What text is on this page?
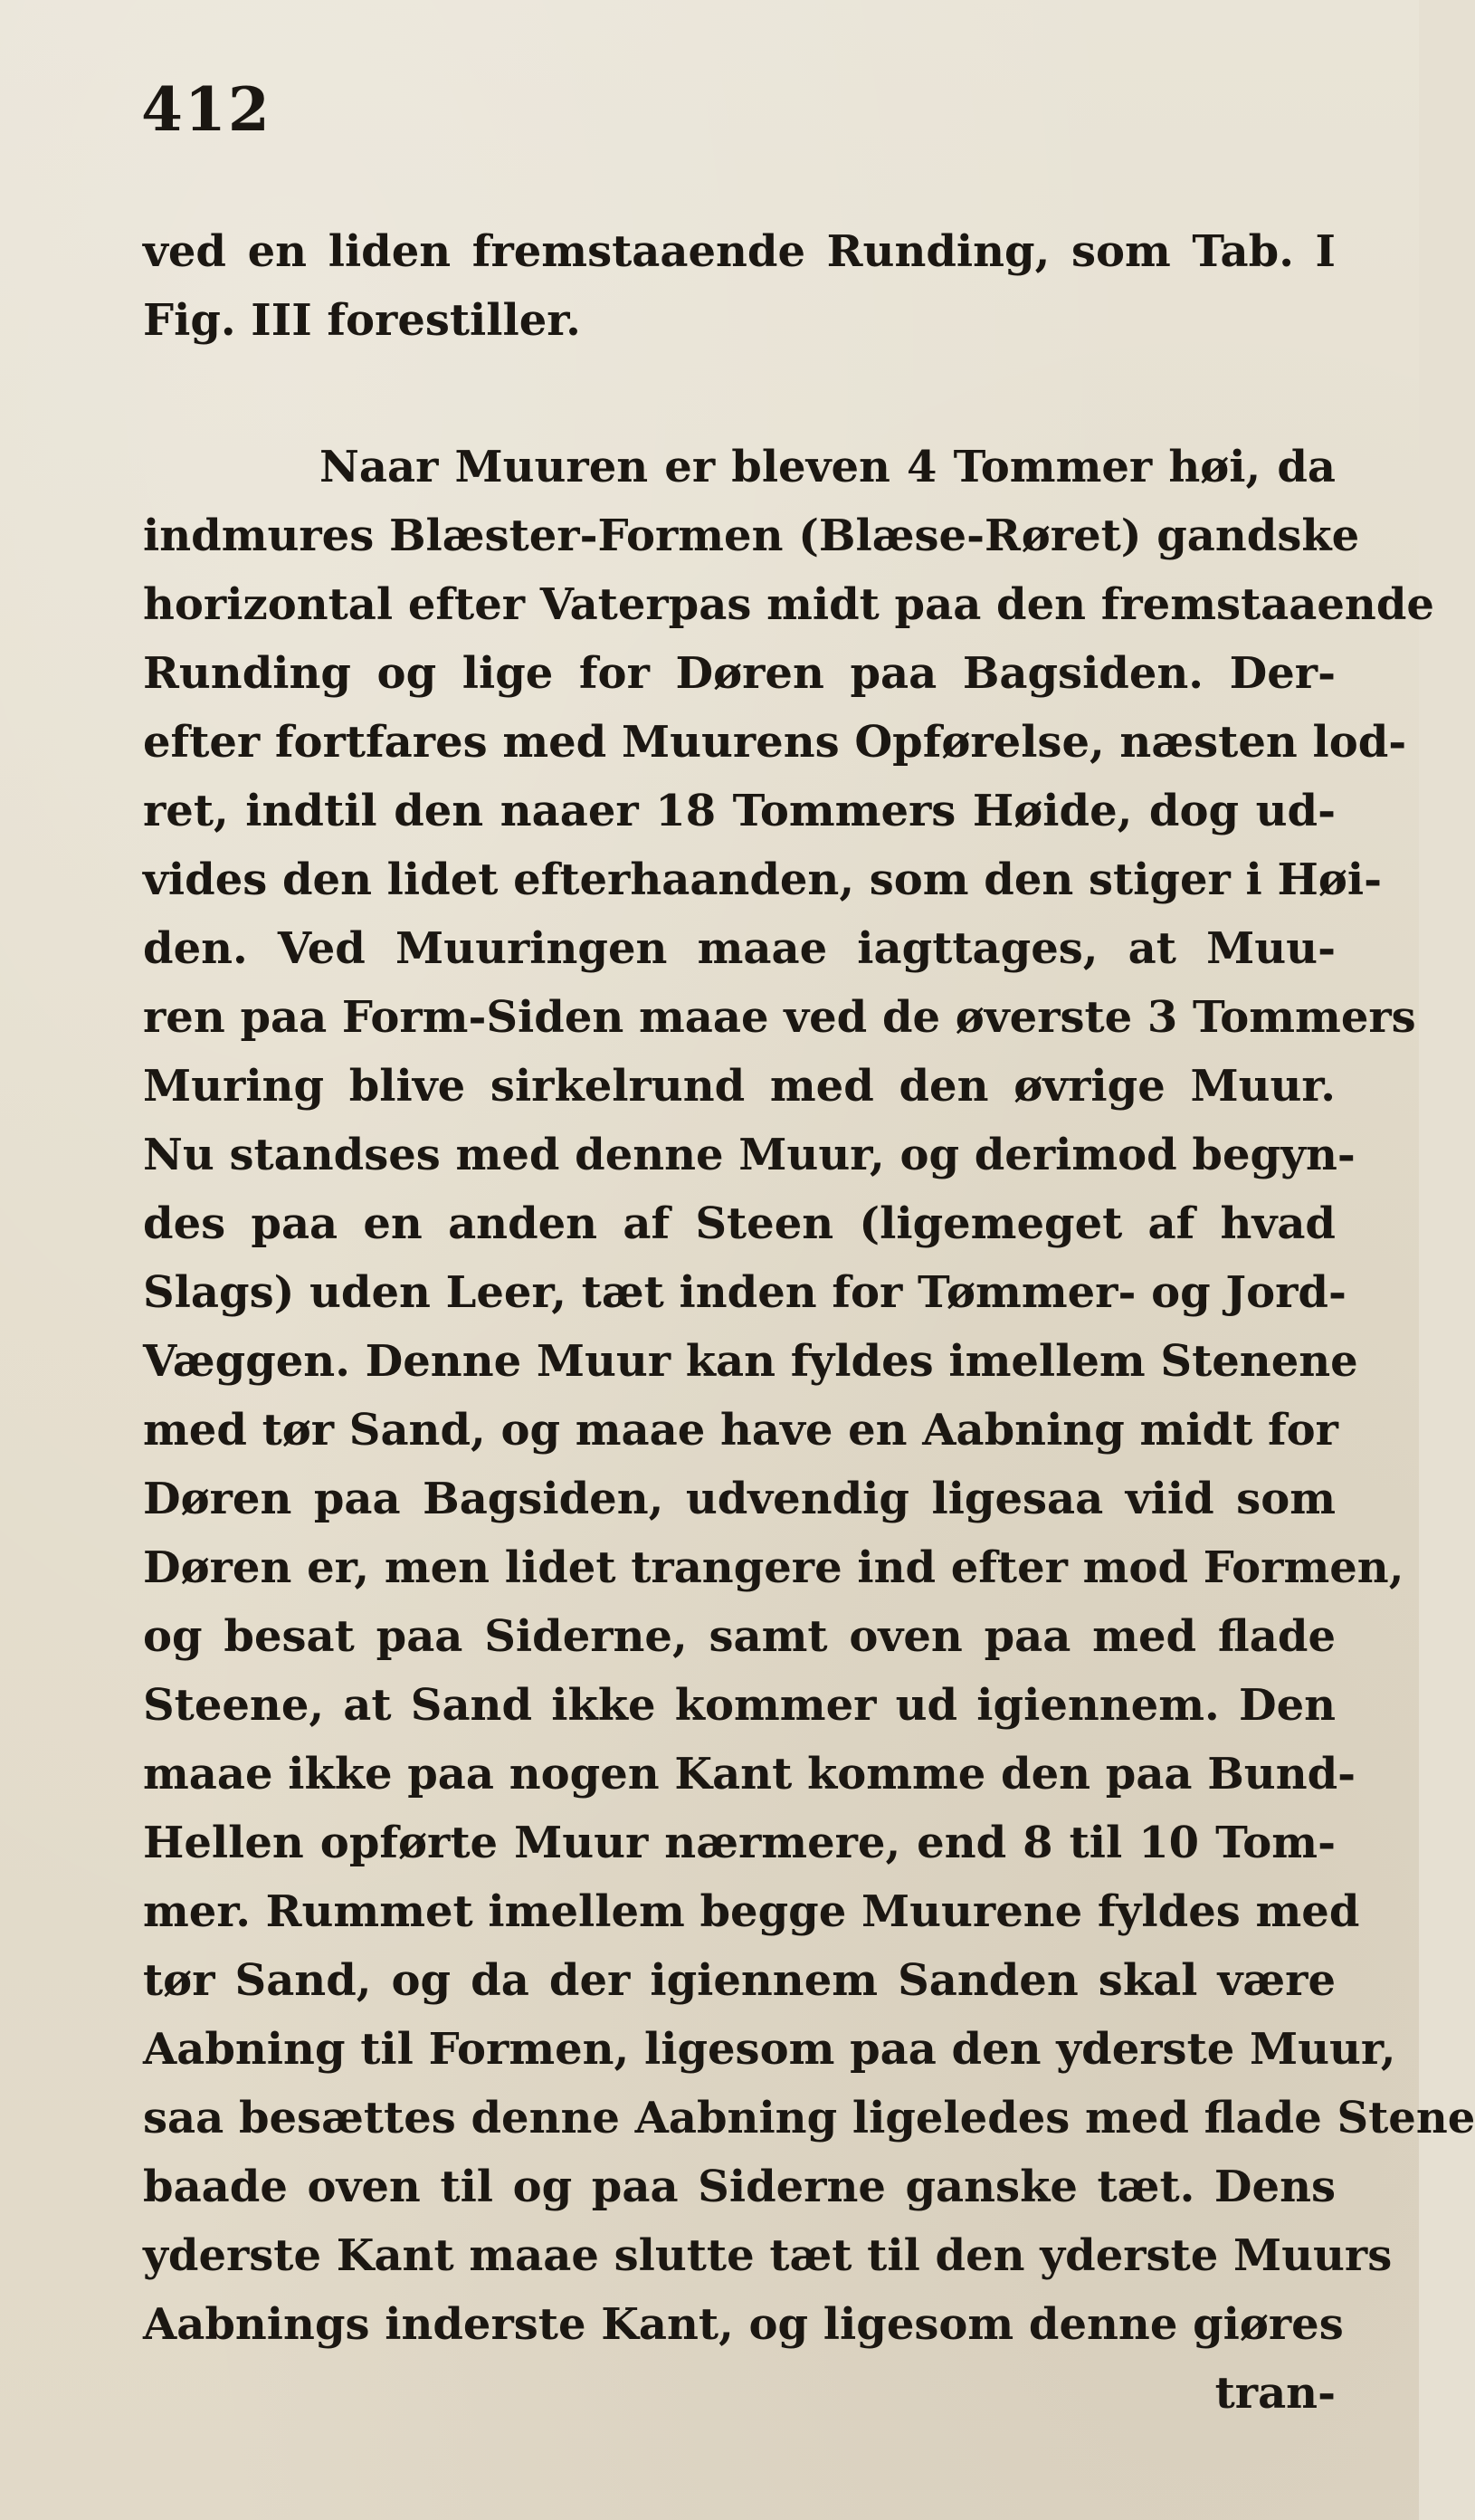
412
ved en liden fremstaaende Runding, som Tab. I
Fig. III forestiller.
Naar Muuren er bleven 4 Tommer høi, da
indmures Blæster-Formen (Blæse-Røret) gandske
horizontal efter Vaterpas midt paa den fremstaaende
Runding og lige for Døren paa Bagsiden. Der-
efter fortfares med Muurens Opførelse, næsten lod-
ret, indtil den naaer 18 Tommers Høide, dog ud-
vides den lidet efterhaanden, som den stiger i Høi-
den. Ved Muuringen maae iagttages, at Muu-
ren paa Form-Siden maae ved de øverste 3 Tommers
Muring blive sirkelrund med den øvrige Muur.
Nu standses med denne Muur, og derimod begyn-
des paa en anden af Steen (ligemeget af hvad
Slags) uden Leer, tæt inden for Tømmer- og Jord-
Væggen. Denne Muur kan fyldes imellem Stenene
med tør Sand, og maae have en Aabning midt for
Døren paa Bagsiden, udvendig ligesaa viid som
Døren er, men lidet trangere ind efter mod Formen,
og besat paa Siderne, samt oven paa med flade
Steene, at Sand ikke kommer ud igiennem. Den
maae ikke paa nogen Kant komme den paa Bund-
Hellen opførte Muur nærmere, end 8 til 10 Tom-
mer. Rummet imellem begge Muurene fyldes med
tør Sand, og da der igiennem Sanden skal være
Aabning til Formen, ligesom paa den yderste Muur,
saa besættes denne Aabning ligeledes med flade Stene
baade oven til og paa Siderne ganske tæt. Dens
yderste Kant maae slutte tæt til den yderste Muurs
Aabnings inderste Kant, og ligesom denne giøres
tran-
